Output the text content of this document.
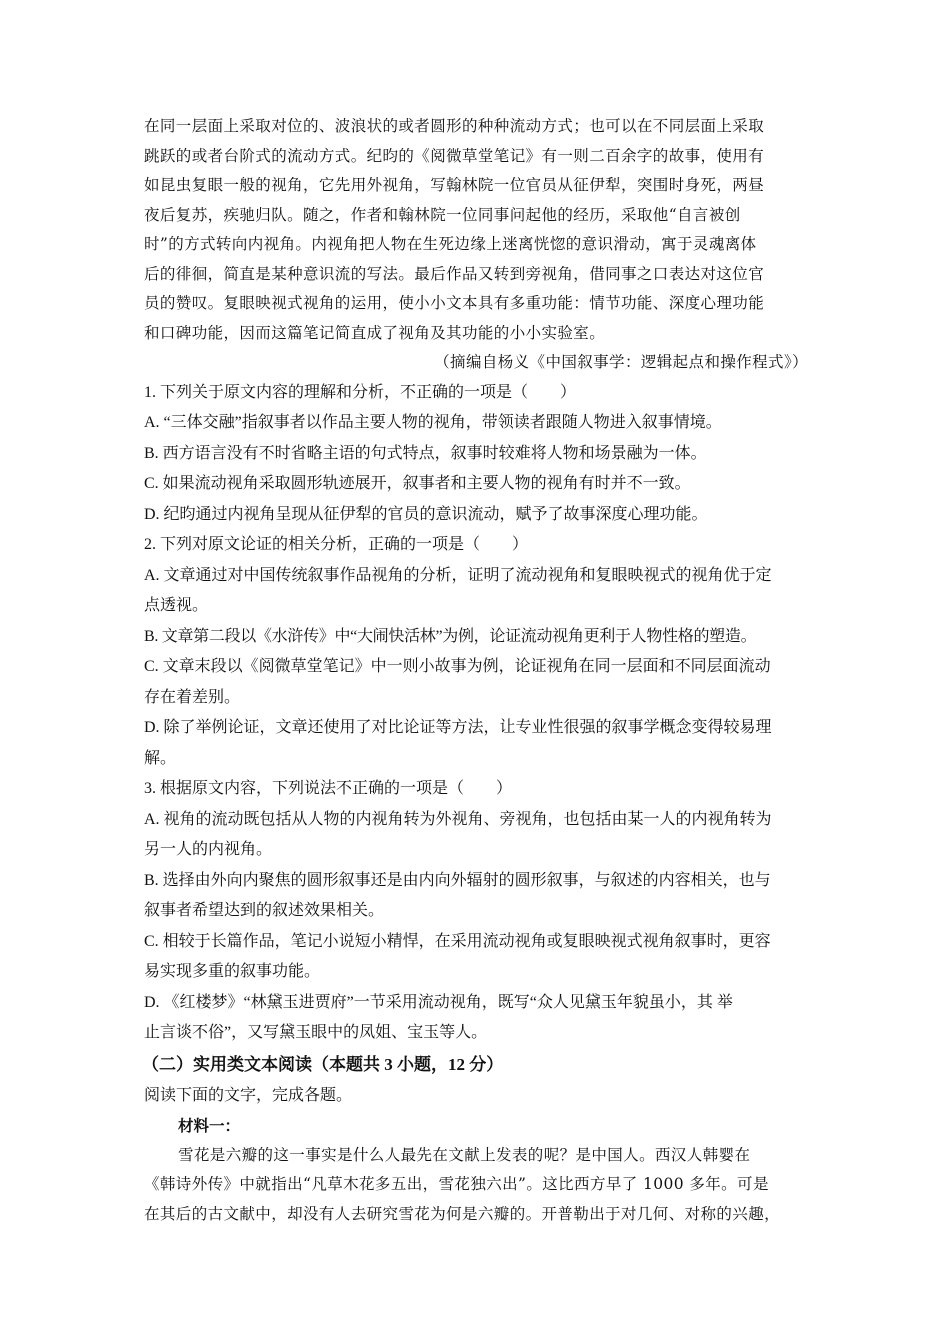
在同一层面上采取对位的、波浪状的或者圆形的种种流动方式；也可以在不同层面上采取
跳跃的或者台阶式的流动方式。纪昀的《阅微草堂笔记》有一则二百余字的故事，使用有
如昆虫复眼一般的视角，它先用外视角，写翰林院一位官员从征伊犁，突围时身死，两昼
夜后复苏，疾驰归队。随之，作者和翰林院一位同事问起他的经历，采取他“自言被创
时”的方式转向内视角。内视角把人物在生死边缘上迷离恍惚的意识滑动，寓于灵魂离体
后的徘徊，简直是某种意识流的写法。最后作品又转到旁视角，借同事之口表达对这位官
员的赞叹。复眼映视式视角的运用，使小小文本具有多重功能：情节功能、深度心理功能
和口碑功能，因而这篇笔记简直成了视角及其功能的小小实验室。
（摘编自杨义《中国叙事学：逻辑起点和操作程式》）
1. 下列关于原文内容的理解和分析，不正确的一项是（　　）
A. “三体交融”指叙事者以作品主要人物的视角，带领读者跟随人物进入叙事情境。
B. 西方语言没有不时省略主语的句式特点，叙事时较难将人物和场景融为一体。
C. 如果流动视角采取圆形轨迹展开，叙事者和主要人物的视角有时并不一致。
D. 纪昀通过内视角呈现从征伊犁的官员的意识流动，赋予了故事深度心理功能。
2. 下列对原文论证的相关分析，正确的一项是（　　）
A. 文章通过对中国传统叙事作品视角的分析，证明了流动视角和复眼映视式的视角优于定
点透视。
B. 文章第二段以《水浒传》中“大闹快活林”为例，论证流动视角更利于人物性格的塑造。
C. 文章末段以《阅微草堂笔记》中一则小故事为例，论证视角在同一层面和不同层面流动
存在着差别。
D. 除了举例论证，文章还使用了对比论证等方法，让专业性很强的叙事学概念变得较易理
解。
3. 根据原文内容，下列说法不正确的一项是（　　）
A. 视角的流动既包括从人物的内视角转为外视角、旁视角，也包括由某一人的内视角转为
另一人的内视角。
B. 选择由外向内聚焦的圆形叙事还是由内向外辐射的圆形叙事，与叙述的内容相关，也与
叙事者希望达到的叙述效果相关。
C. 相较于长篇作品，笔记小说短小精悍，在采用流动视角或复眼映视式视角叙事时，更容
易实现多重的叙事功能。
D. 《红楼梦》“林黛玉进贾府”一节采用流动视角，既写“众人见黛玉年貌虽小，其 举
止言谈不俗”，又写黛玉眼中的凤姐、宝玉等人。
（二）实用类文本阅读（本题共 3 小题，12 分）
阅读下面的文字，完成各题。
材料一：
雪花是六瓣的这一事实是什么人最先在文献上发表的呢？是中国人。西汉人韩婴在
《韩诗外传》中就指出“凡草木花多五出，雪花独六出”。这比西方早了 1000 多年。可是
在其后的古文献中，却没有人去研究雪花为何是六瓣的。开普勒出于对几何、对称的兴趣，
